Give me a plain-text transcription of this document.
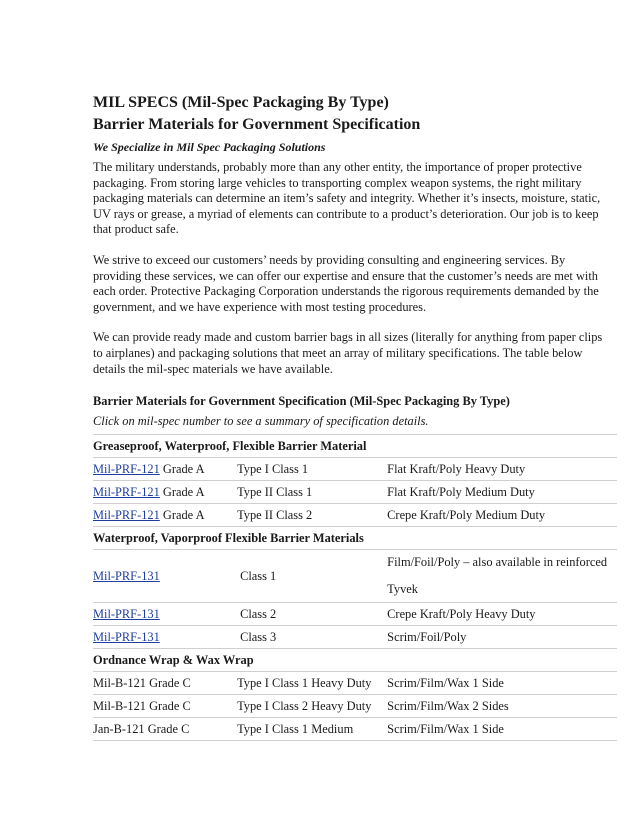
MIL SPECS (Mil-Spec Packaging By Type)
Barrier Materials for Government Specification
We Specialize in Mil Spec Packaging Solutions

The military understands, probably more than any other entity, the importance of proper protective packaging. From storing large vehicles to transporting complex weapon systems, the right military packaging materials can determine an item’s safety and integrity. Whether it’s insects, moisture, static, UV rays or grease, a myriad of elements can contribute to a product’s deterioration. Our job is to keep that product safe.

We strive to exceed our customers’ needs by providing consulting and engineering services. By providing these services, we can offer our expertise and ensure that the customer’s needs are met with each order. Protective Packaging Corporation understands the rigorous requirements demanded by the government, and we have experience with most testing procedures.

We can provide ready made and custom barrier bags in all sizes (literally for anything from paper clips to airplanes) and packaging solutions that meet an array of military specifications. The table below details the mil-spec materials we have available.

Barrier Materials for Government Specification (Mil-Spec Packaging By Type)
Click on mil-spec number to see a summary of specification details.
Greaseproof, Waterproof, Flexible Barrier Material		
Mil-PRF-121 Grade A	Type I Class 1	Flat Kraft/Poly Heavy Duty
Mil-PRF-121 Grade A	Type II Class 1	Flat Kraft/Poly Medium Duty
Mil-PRF-121 Grade A	Type II Class 2	Crepe Kraft/Poly Medium Duty
Waterproof, Vaporproof Flexible Barrier Materials		
Mil-PRF-131	Class 1	Film/Foil/Poly – also available in reinforced
Tyvek

Mil-PRF-131	Class 2	Crepe Kraft/Poly Heavy Duty
Mil-PRF-131	Class 3	Scrim/Foil/Poly
Ordnance Wrap & Wax Wrap		
Mil-B-121 Grade C	Type I Class 1 Heavy Duty	Scrim/Film/Wax 1 Side
Mil-B-121 Grade C	Type I Class 2 Heavy Duty	Scrim/Film/Wax 2 Sides
Jan-B-121 Grade C	Type I Class 1 Medium	Scrim/Film/Wax 1 Side
